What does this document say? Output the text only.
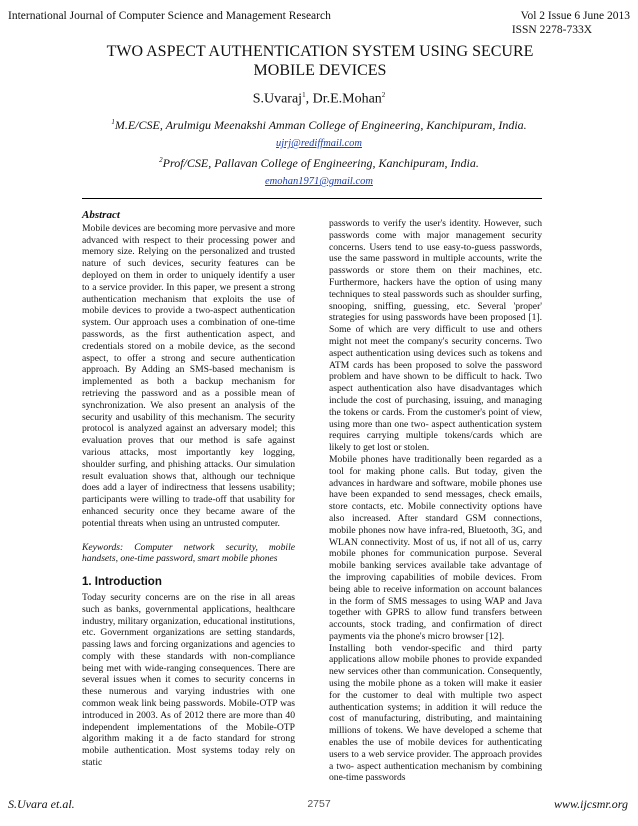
International Journal of Computer Science and Management Research	Vol 2 Issue 6 June 2013
ISSN 2278-733X
TWO ASPECT AUTHENTICATION SYSTEM USING SECURE
MOBILE DEVICES
S.Uvaraj$^1$, Dr.E.Mohan$^2$
$^1$M.E/CSE, Arulmigu Meenakshi Amman College of Engineering, Kanchipuram, India.
ujrj@rediffmail.com
$^2$Prof/CSE, Pallavan College of Engineering, Kanchipuram, India.
emohan1971@gmail.com
Abstract

Mobile devices are becoming more pervasive and more advanced with respect to their processing power and memory size. Relying on the personalized and trusted nature of such devices, security features can be deployed on them in order to uniquely identify a user to a service provider. In this paper, we present a strong authentication mechanism that exploits the use of mobile devices to provide a two-aspect authentication system. Our approach uses a combination of one-time passwords, as the first authentication aspect, and credentials stored on a mobile device, as the second aspect, to offer a strong and secure authentication approach. By Adding an SMS-based mechanism is implemented as both a backup mechanism for retrieving the password and as a possible mean of synchronization. We also present an analysis of the security and usability of this mechanism. The security protocol is analyzed against an adversary model; this evaluation proves that our method is safe against various attacks, most importantly key logging, shoulder surfing, and phishing attacks. Our simulation result evaluation shows that, although our technique does add a layer of indirectness that lessens usability; participants were willing to trade-off that usability for enhanced security once they became aware of the potential threats when using an untrusted computer.

Keywords: Computer network security, mobile handsets, one-time password, smart mobile phones

1. Introduction

Today security concerns are on the rise in all areas such as banks, governmental applications, healthcare industry, military organization, educational institutions, etc. Government organizations are setting standards, passing laws and forcing organizations and agencies to comply with these standards with non-compliance being met with wide-ranging consequences. There are several issues when it comes to security concerns in these numerous and varying industries with one common weak link being passwords. Mobile-OTP was introduced in 2003. As of 2012 there are more than 40 independent implementations of the Mobile-OTP algorithm making it a de facto standard for strong mobile authentication. Most systems today rely on static

passwords to verify the user's identity. However, such passwords come with major management security concerns. Users tend to use easy-to-guess passwords, use the same password in multiple accounts, write the passwords or store them on their machines, etc. Furthermore, hackers have the option of using many techniques to steal passwords such as shoulder surfing, snooping, sniffing, guessing, etc. Several 'proper' strategies for using passwords have been proposed [1]. Some of which are very difficult to use and others might not meet the company's security concerns. Two aspect authentication using devices such as tokens and ATM cards has been proposed to solve the password problem and have shown to be difficult to hack. Two aspect authentication also have disadvantages which include the cost of purchasing, issuing, and managing the tokens or cards. From the customer's point of view, using more than one two- aspect authentication system requires carrying multiple tokens/cards which are likely to get lost or stolen.

Mobile phones have traditionally been regarded as a tool for making phone calls. But today, given the advances in hardware and software, mobile phones use have been expanded to send messages, check emails, store contacts, etc. Mobile connectivity options have also increased. After standard GSM connections, mobile phones now have infra-red, Bluetooth, 3G, and WLAN connectivity. Most of us, if not all of us, carry mobile phones for communication purpose. Several mobile banking services available take advantage of the improving capabilities of mobile devices. From being able to receive information on account balances in the form of SMS messages to using WAP and Java together with GPRS to allow fund transfers between accounts, stock trading, and confirmation of direct payments via the phone's micro browser [12].

Installing both vendor-specific and third party applications allow mobile phones to provide expanded new services other than communication. Consequently, using the mobile phone as a token will make it easier for the customer to deal with multiple two aspect authentication systems; in addition it will reduce the cost of manufacturing, distributing, and maintaining millions of tokens. We have developed a scheme that enables the use of mobile devices for authenticating users to a web service provider. The approach provides a two- aspect authentication mechanism by combining one-time passwords

S.Uvara et.al.	2757	www.ijcsmr.org
